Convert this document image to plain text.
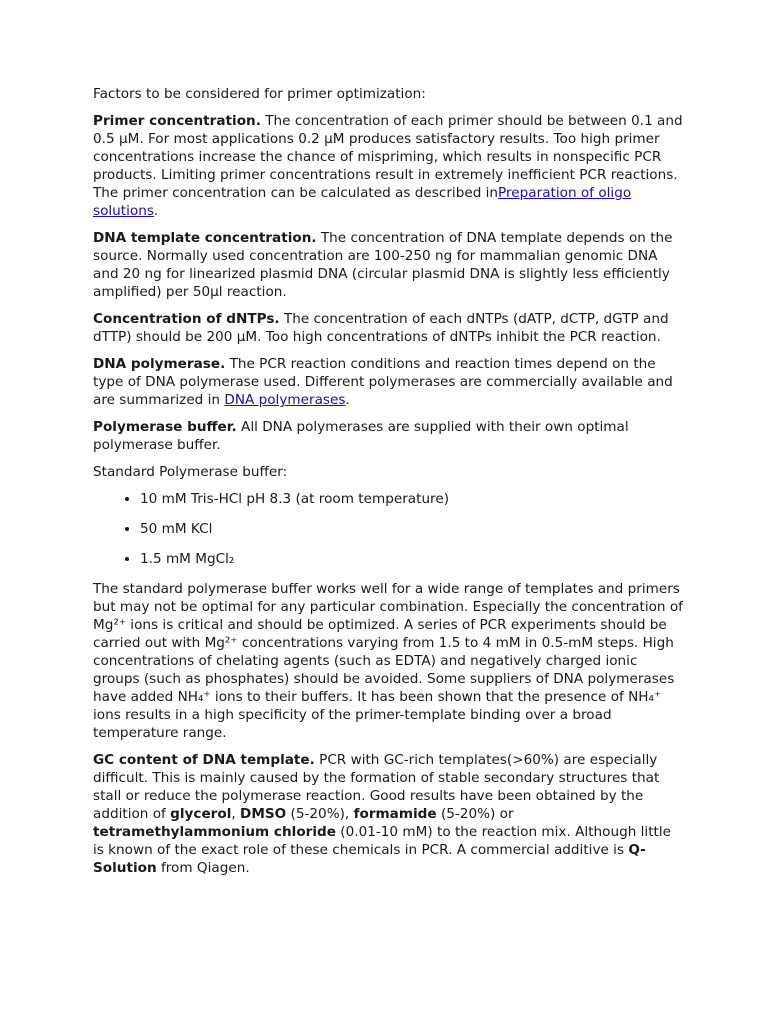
Factors to be considered for primer optimization:

Primer concentration. The concentration of each primer should be between 0.1 and 0.5 μM. For most applications 0.2 μM produces satisfactory results. Too high primer concentrations increase the chance of mispriming, which results in nonspecific PCR products. Limiting primer concentrations result in extremely inefficient PCR reactions. The primer concentration can be calculated as described inPreparation of oligo solutions.

DNA template concentration. The concentration of DNA template depends on the source. Normally used concentration are 100-250 ng for mammalian genomic DNA and 20 ng for linearized plasmid DNA (circular plasmid DNA is slightly less efficiently amplified) per 50μl reaction.

Concentration of dNTPs. The concentration of each dNTPs (dATP, dCTP, dGTP and dTTP) should be 200 μM. Too high concentrations of dNTPs inhibit the PCR reaction.

DNA polymerase. The PCR reaction conditions and reaction times depend on the type of DNA polymerase used. Different polymerases are commercially available and are summarized in DNA polymerases.

Polymerase buffer. All DNA polymerases are supplied with their own optimal polymerase buffer.

Standard Polymerase buffer:

• 10 mM Tris-HCl pH 8.3 (at room temperature)
• 50 mM KCl
• 1.5 mM MgCl₂

The standard polymerase buffer works well for a wide range of templates and primers but may not be optimal for any particular combination. Especially the concentration of Mg²⁺ ions is critical and should be optimized. A series of PCR experiments should be carried out with Mg²⁺ concentrations varying from 1.5 to 4 mM in 0.5-mM steps. High concentrations of chelating agents (such as EDTA) and negatively charged ionic groups (such as phosphates) should be avoided. Some suppliers of DNA polymerases have added NH₄⁺ ions to their buffers. It has been shown that the presence of NH₄⁺ ions results in a high specificity of the primer-template binding over a broad temperature range.

GC content of DNA template. PCR with GC-rich templates(>60%) are especially difficult. This is mainly caused by the formation of stable secondary structures that stall or reduce the polymerase reaction. Good results have been obtained by the addition of glycerol, DMSO (5-20%), formamide (5-20%) or tetramethylammonium chloride (0.01-10 mM) to the reaction mix. Although little is known of the exact role of these chemicals in PCR. A commercial additive is Q-Solution from Qiagen.
